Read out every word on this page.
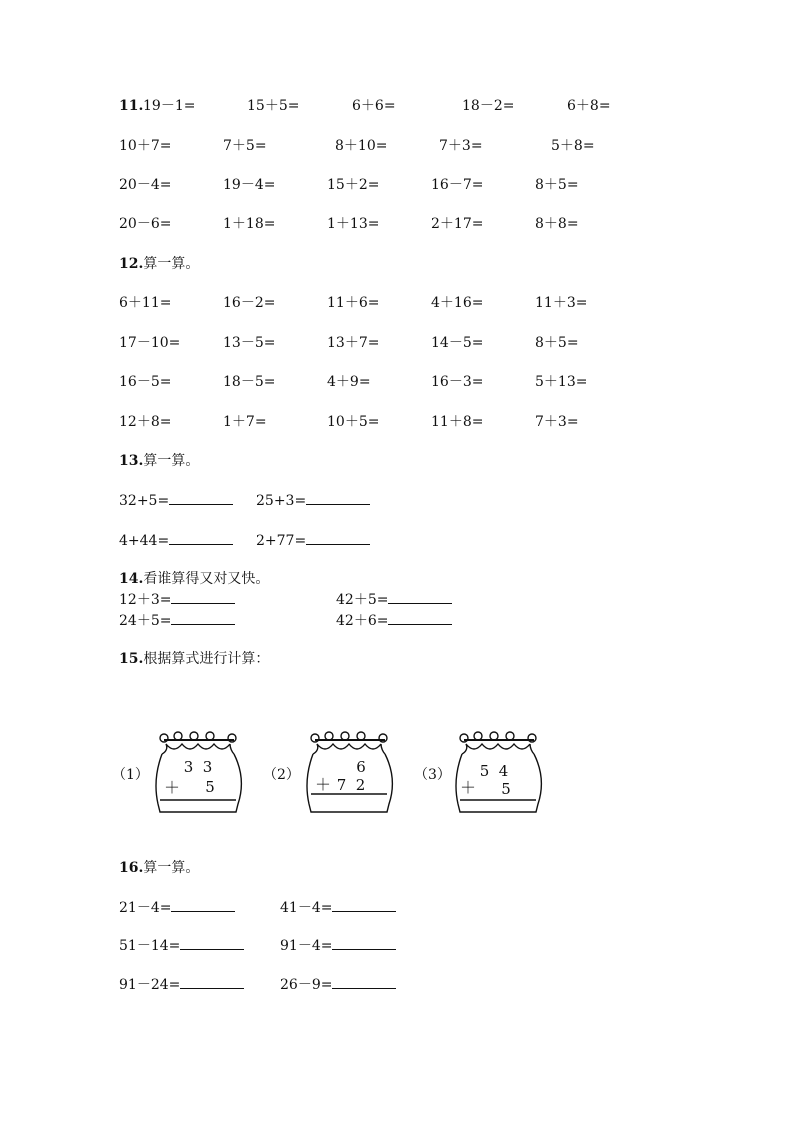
11. 19－1=	15＋5=	6＋6=	18－2=	6＋8=
10＋7=	7＋5=	8＋10=	7＋3=	5＋8=
20－4=	19－4=	15＋2=	16－7=	8＋5=
20－6=	1＋18=	1＋13=	2＋17=	8＋8=
12.算一算。
6＋11=	16－2=	11＋6=	4＋16=	11＋3=
17－10=	13－5=	13＋7=	14－5=	8＋5=
16－5=	18－5=	4＋9=	16－3=	5＋13=
12＋8=	1＋7=	10＋5=	11＋8=	7＋3=
13.算一算。
32+5=	25+3=
4+44=	2+77=
14.看谁算得又对又快。
12＋3=	42＋5=
24＋5=	42＋6=
15.根据算式进行计算：
（1） 3  3
＋ 5
（2）	6
＋ 7  2
（3） 5  4
＋ 5
16.算一算。
21－4=	41－4=
51－14=	91－4=
91－24=	26－9=
